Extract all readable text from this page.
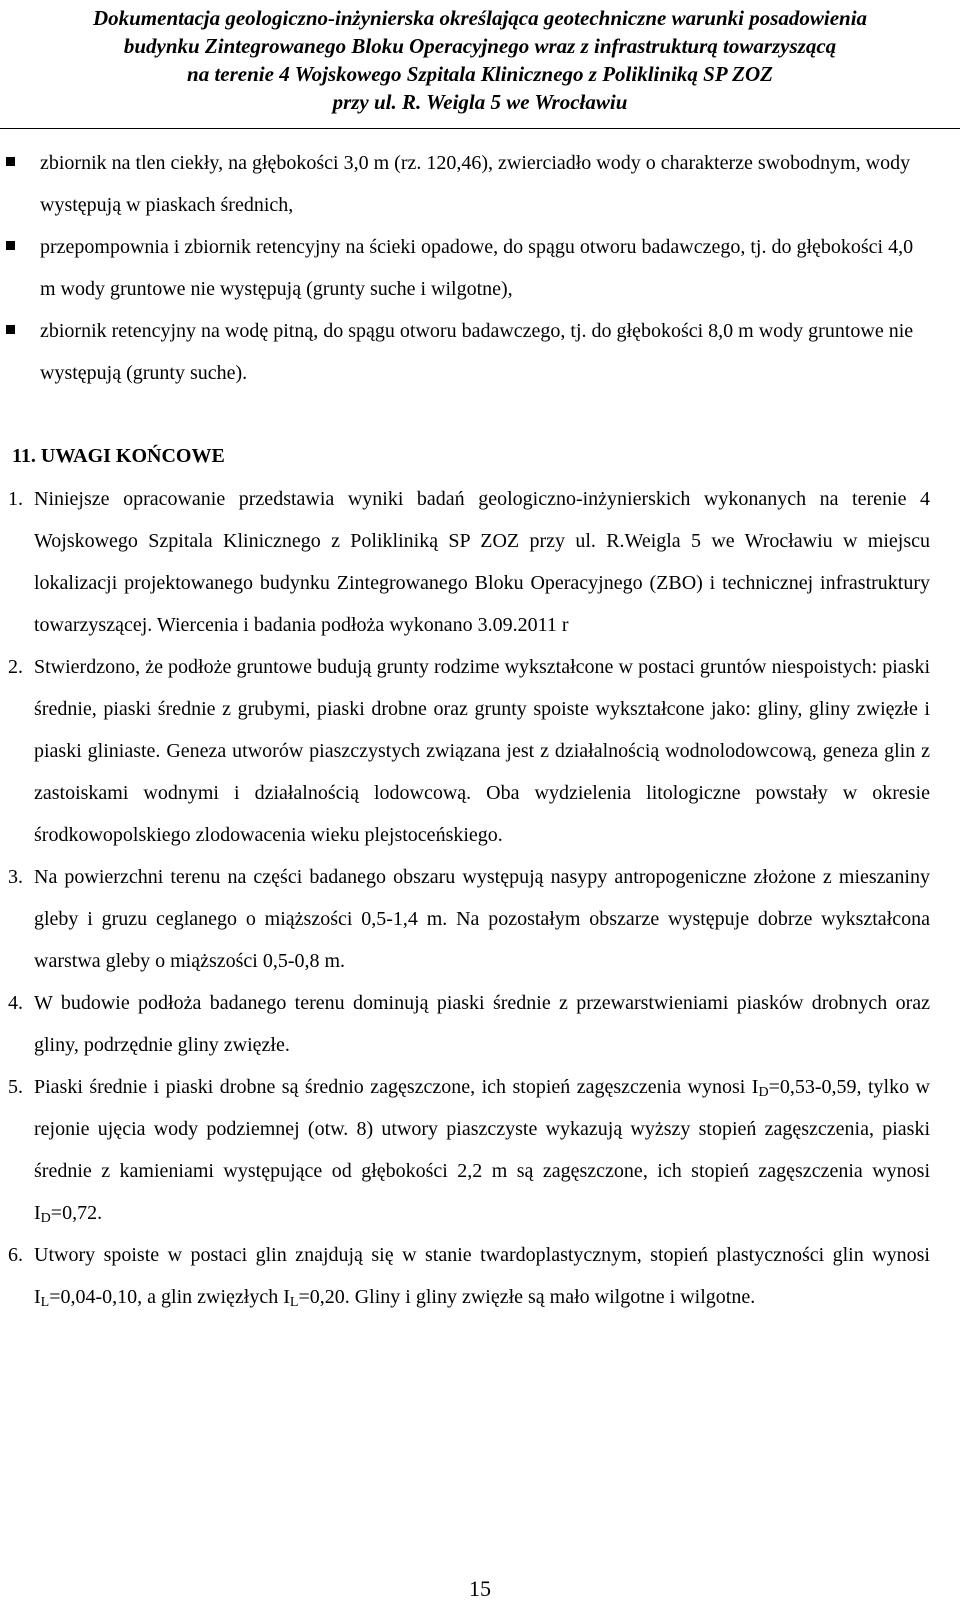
Dokumentacja geologiczno-inżynierska określająca geotechniczne warunki posadowienia
budynku Zintegrowanego Bloku Operacyjnego wraz z infrastrukturą towarzyszącą
na terenie 4 Wojskowego Szpitala Klinicznego z Polikliniką SP ZOZ
przy ul. R. Weigla 5 we Wrocławiu
zbiornik na tlen ciekły, na głębokości 3,0 m (rz. 120,46), zwierciadło wody o charakterze swobodnym, wody występują w piaskach średnich,
przepompownia i zbiornik retencyjny na ścieki opadowe, do spągu otworu badawczego, tj. do głębokości 4,0 m wody gruntowe nie występują (grunty suche i wilgotne),
zbiornik retencyjny na wodę pitną, do spągu otworu badawczego, tj. do głębokości 8,0 m wody gruntowe nie występują (grunty suche).
11. UWAGI KOŃCOWE
1. Niniejsze opracowanie przedstawia wyniki badań geologiczno-inżynierskich wykonanych na terenie 4 Wojskowego Szpitala Klinicznego z Polikliniką SP ZOZ przy ul. R.Weigla 5 we Wrocławiu w miejscu lokalizacji projektowanego budynku Zintegrowanego Bloku Operacyjnego (ZBO) i technicznej infrastruktury towarzyszącej. Wiercenia i badania podłoża wykonano 3.09.2011 r
2. Stwierdzono, że podłoże gruntowe budują grunty rodzime wykształcone w postaci gruntów niespoistych: piaski średnie, piaski średnie z grubymi, piaski drobne oraz grunty spoiste wykształcone jako: gliny, gliny zwięzłe i piaski gliniaste. Geneza utworów piaszczystych związana jest z działalnością wodnolodowcową, geneza glin z zastoiskami wodnymi i działalnością lodowcową. Oba wydzielenia litologiczne powstały w okresie środkowopolskiego zlodowacenia wieku plejstoceńskiego.
3. Na powierzchni terenu na części badanego obszaru występują nasypy antropogeniczne złożone z mieszaniny gleby i gruzu ceglanego o miąższości 0,5-1,4 m. Na pozostałym obszarze występuje dobrze wykształcona warstwa gleby o miąższości 0,5-0,8 m.
4. W budowie podłoża badanego terenu dominują piaski średnie z przewarstwieniami piasków drobnych oraz gliny, podrzędnie gliny zwięzłe.
5. Piaski średnie i piaski drobne są średnio zagęszczone, ich stopień zagęszczenia wynosi $I_D=0,53-0,59$, tylko w rejonie ujęcia wody podziemnej (otw. 8) utwory piaszczyste wykazują wyższy stopień zagęszczenia, piaski średnie z kamieniami występujące od głębokości 2,2 m są zagęszczone, ich stopień zagęszczenia wynosi $I_D=0,72$.
6. Utwory spoiste w postaci glin znajdują się w stanie twardoplastycznym, stopień plastyczności glin wynosi $I_L=0,04-0,10$, a glin zwięzłych $I_L=0,20$. Gliny i gliny zwięzłe są mało wilgotne i wilgotne.
15
